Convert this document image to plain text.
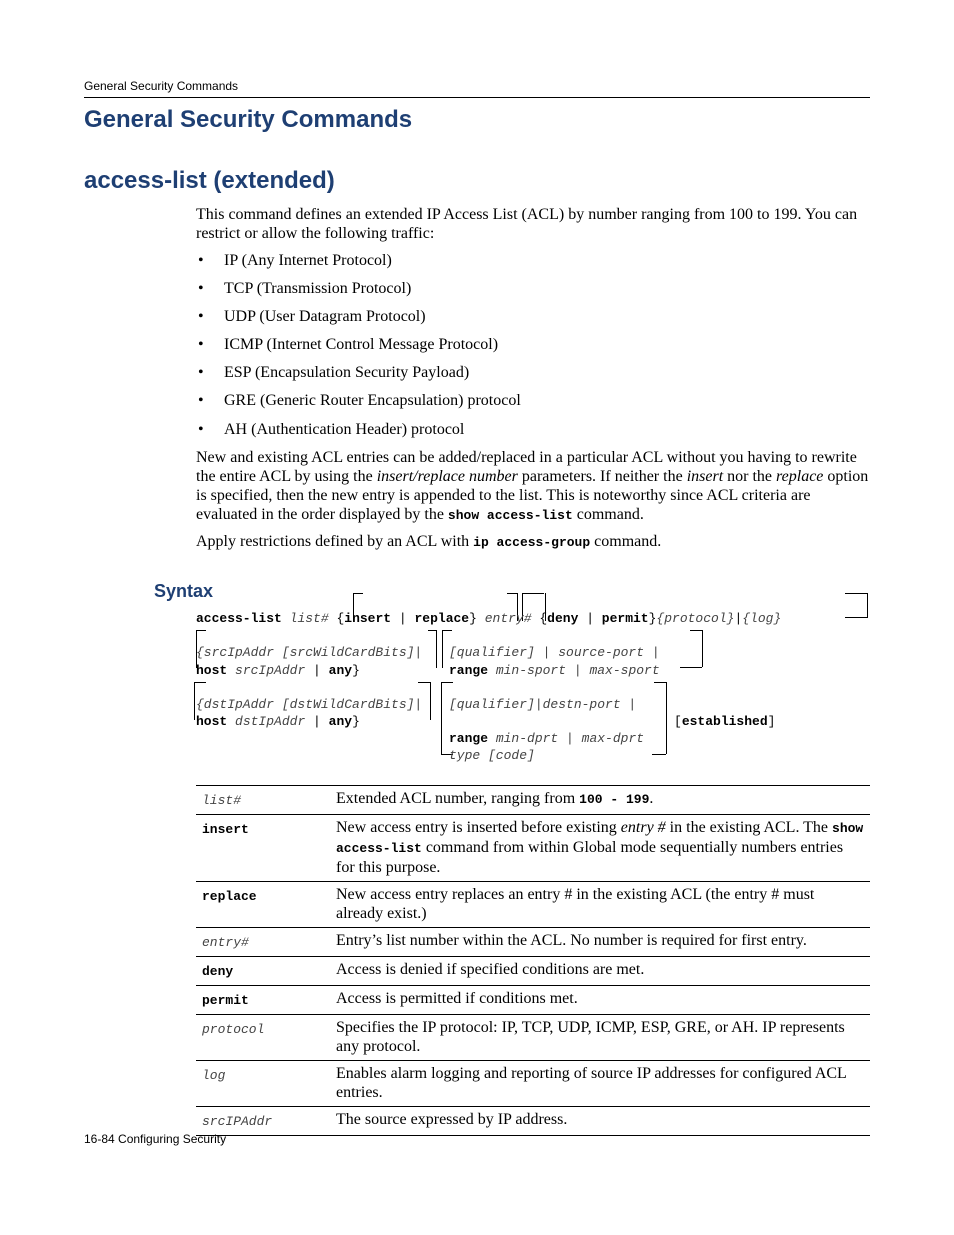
General Security Commands
General Security Commands
access-list (extended)
This command defines an extended IP Access List (ACL) by number ranging from 100 to 199. You can restrict or allow the following traffic:
• IP (Any Internet Protocol)
• TCP (Transmission Protocol)
• UDP (User Datagram Protocol)
• ICMP (Internet Control Message Protocol)
• ESP (Encapsulation Security Payload)
• GRE (Generic Router Encapsulation) protocol
• AH (Authentication Header) protocol
New and existing ACL entries can be added/replaced in a particular ACL without you having to rewrite the entire ACL by using the insert/replace number parameters. If neither the insert nor the replace option is specified, then the new entry is appended to the list. This is noteworthy since ACL criteria are evaluated in the order displayed by the show access-list command.
Apply restrictions defined by an ACL with ip access-group command.
Syntax
access-list list# {insert | replace} entry# {deny | permit}{protocol}|{log}
{srcIpAddr [srcWildCardBits]| [qualifier] | source-port |
host srcIpAddr | any}	range min-sport | max-sport
{dstIpAddr [dstWildCardBits]| [qualifier]|destn-port |
host dstIpAddr | any}	[established]
range min-dprt | max-dprt
type [code]
list#	Extended ACL number, ranging from 100 - 199.
insert	New access entry is inserted before existing entry # in the existing ACL. The show access-list command from within Global mode sequentially numbers entries for this purpose.
replace	New access entry replaces an entry # in the existing ACL (the entry # must already exist.)
entry#	Entry’s list number within the ACL. No number is required for first entry.
deny	Access is denied if specified conditions are met.
permit	Access is permitted if conditions met.
protocol	Specifies the IP protocol: IP, TCP, UDP, ICMP, ESP, GRE, or AH. IP represents any protocol.
log	Enables alarm logging and reporting of source IP addresses for configured ACL entries.
srcIPAddr	The source expressed by IP address.
16-84 Configuring Security
